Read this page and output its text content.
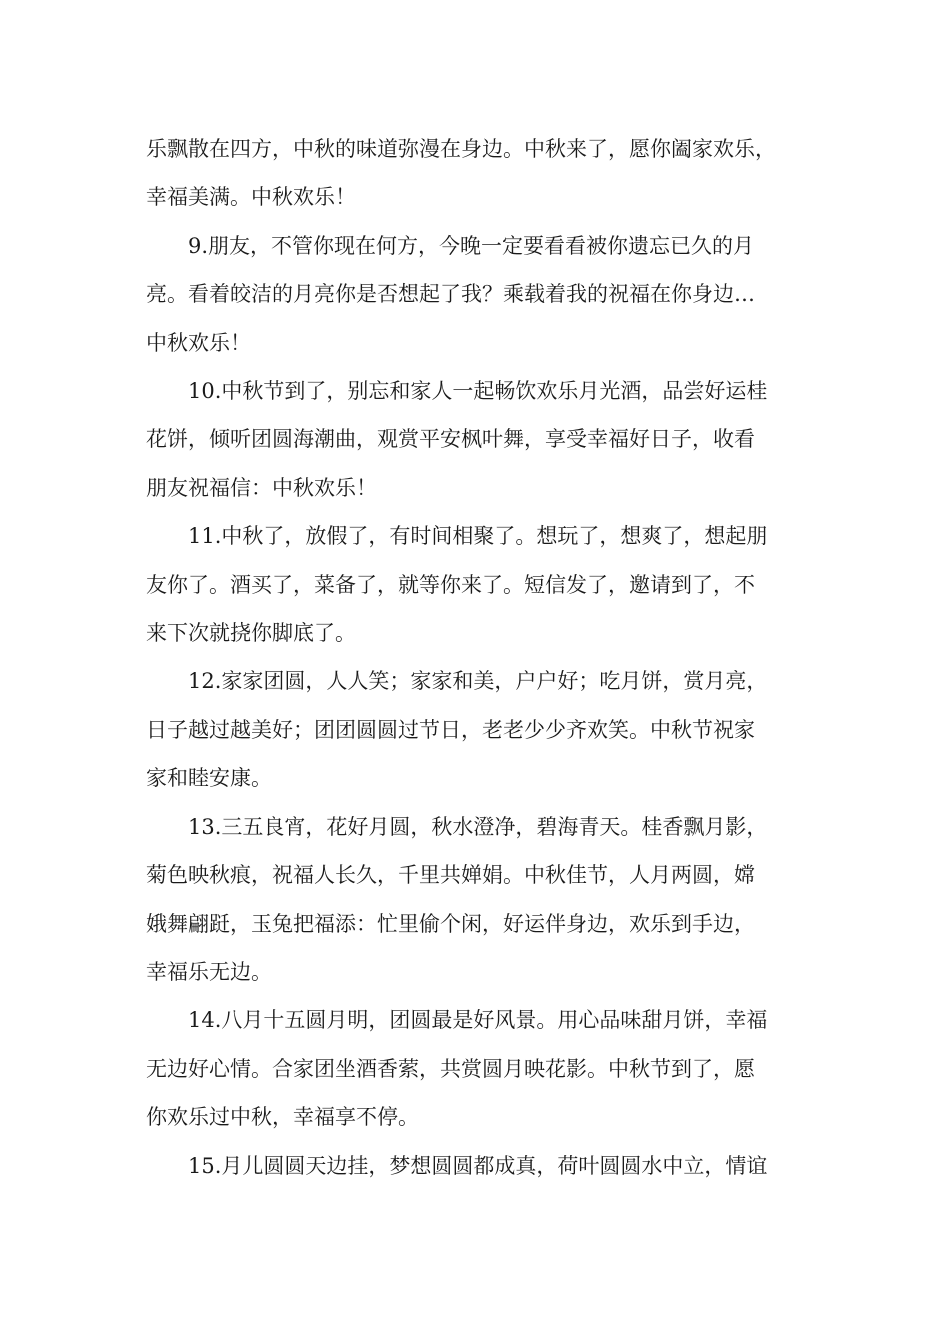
乐飘散在四方，中秋的味道弥漫在身边。中秋来了，愿你阖家欢乐，
幸福美满。中秋欢乐！

9.朋友，不管你现在何方，今晚一定要看看被你遗忘已久的月
亮。看着皎洁的月亮你是否想起了我？乘载着我的祝福在你身边…
中秋欢乐！

10.中秋节到了，别忘和家人一起畅饮欢乐月光酒，品尝好运桂
花饼，倾听团圆海潮曲，观赏平安枫叶舞，享受幸福好日子，收看
朋友祝福信：中秋欢乐！

11.中秋了，放假了，有时间相聚了。想玩了，想爽了，想起朋
友你了。酒买了，菜备了，就等你来了。短信发了，邀请到了，不
来下次就挠你脚底了。

12.家家团圆，人人笑；家家和美，户户好；吃月饼，赏月亮，
日子越过越美好；团团圆圆过节日，老老少少齐欢笑。中秋节祝家
家和睦安康。

13.三五良宵，花好月圆，秋水澄净，碧海青天。桂香飘月影，
菊色映秋痕，祝福人长久，千里共婵娟。中秋佳节，人月两圆，嫦
娥舞翩跹，玉兔把福添：忙里偷个闲，好运伴身边，欢乐到手边，
幸福乐无边。

14.八月十五圆月明，团圆最是好风景。用心品味甜月饼，幸福
无边好心情。合家团坐酒香萦，共赏圆月映花影。中秋节到了，愿
你欢乐过中秋，幸福享不停。

15.月儿圆圆天边挂，梦想圆圆都成真，荷叶圆圆水中立，情谊
